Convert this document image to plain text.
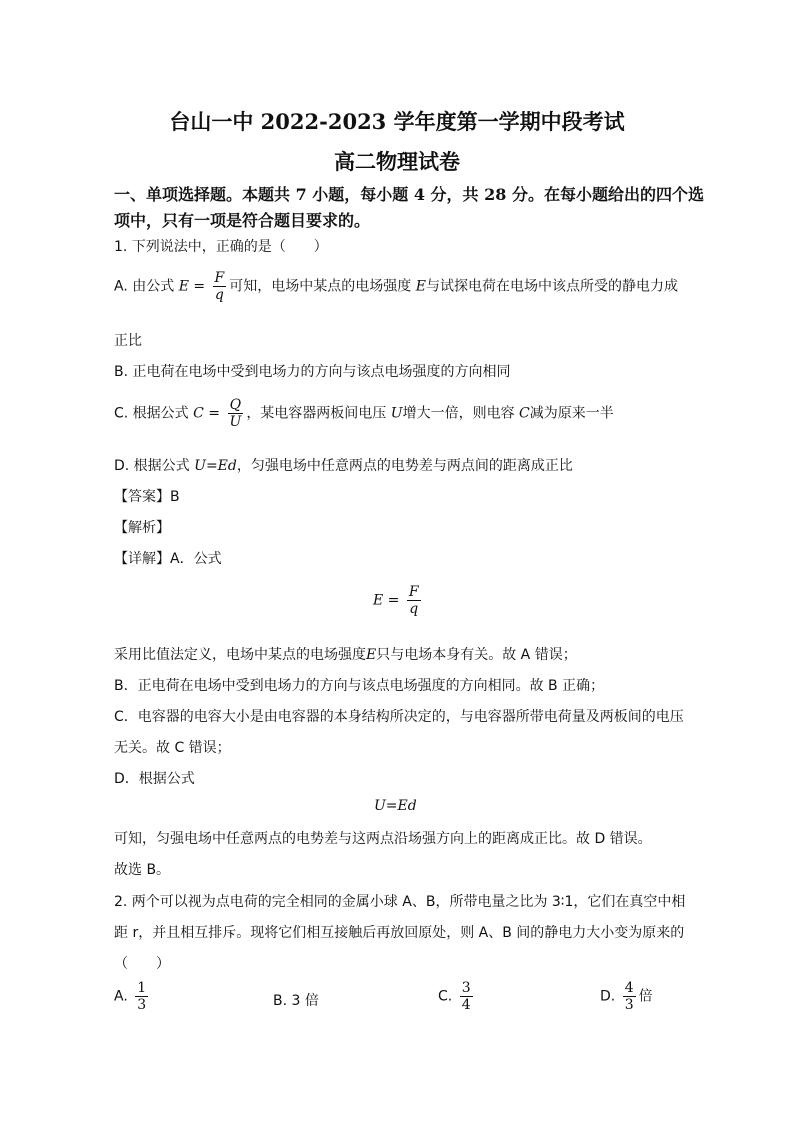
台山一中 2022-2023 学年度第一学期中段考试
高二物理试卷
一、单项选择题。本题共 7 小题，每小题 4 分，共 28 分。在每小题给出的四个选
项中，只有一项是符合题目要求的。
1. 下列说法中，正确的是（　　）
A. 由公式 $E = \frac{F}{q}$ 可知，电场中某点的电场强度 E与试探电荷在电场中该点所受的静电力成
正比
B. 正电荷在电场中受到电场力的方向与该点电场强度的方向相同
C. 根据公式 $C = \frac{Q}{U}$ ，某电容器两板间电压 U增大一倍，则电容 C减为原来一半
D. 根据公式 U=Ed，匀强电场中任意两点的电势差与两点间的距离成正比
【答案】B
【解析】
【详解】A．公式
$E = \frac{F}{q}$
采用比值法定义，电场中某点的电场强度E只与电场本身有关。故 A 错误；
B．正电荷在电场中受到电场力的方向与该点电场强度的方向相同。故 B 正确；
C．电容器的电容大小是由电容器的本身结构所决定的，与电容器所带电荷量及两板间的电压
无关。故 C 错误；
D．根据公式
U=Ed
可知，匀强电场中任意两点的电势差与这两点沿场强方向上的距离成正比。故 D 错误。
故选 B。
2. 两个可以视为点电荷的完全相同的金属小球 A、B，所带电量之比为 3∶1，它们在真空中相
距 r，并且相互排斥。现将它们相互接触后再放回原处，则 A、B 间的静电力大小变为原来的
（　　）
A. $\frac{1}{3}$	B. 3 倍	C. $\frac{3}{4}$	D. $\frac{4}{3}$ 倍
